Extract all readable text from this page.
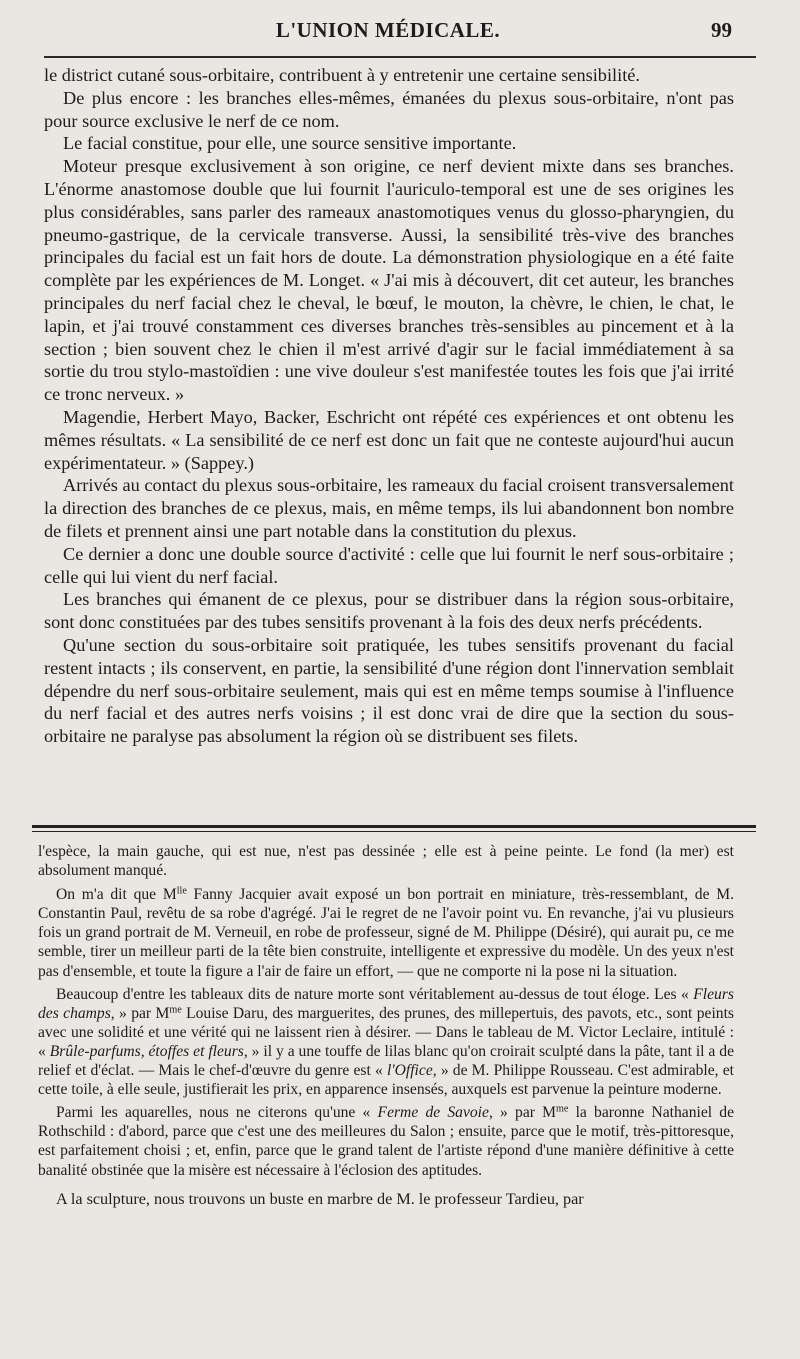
L'UNION MÉDICALE.	99

le district cutané sous-orbitaire, contribuent à y entretenir une certaine sensibilité.

De plus encore : les branches elles-mêmes, émanées du plexus sous-orbitaire, n'ont pas pour source exclusive le nerf de ce nom.

Le facial constitue, pour elle, une source sensitive importante.

Moteur presque exclusivement à son origine, ce nerf devient mixte dans ses branches. L'énorme anastomose double que lui fournit l'auriculo-temporal est une de ses origines les plus considérables, sans parler des rameaux anastomotiques venus du glosso-pharyngien, du pneumo-gastrique, de la cervicale transverse. Aussi, la sensibilité très-vive des branches principales du facial est un fait hors de doute. La démonstration physiologique en a été faite complète par les expériences de M. Longet. « J'ai mis à découvert, dit cet auteur, les branches principales du nerf facial chez le cheval, le bœuf, le mouton, la chèvre, le chien, le chat, le lapin, et j'ai trouvé constamment ces diverses branches très-sensibles au pincement et à la section ; bien souvent chez le chien il m'est arrivé d'agir sur le facial immédiatement à sa sortie du trou stylo-mastoïdien : une vive douleur s'est manifestée toutes les fois que j'ai irrité ce tronc nerveux. »

Magendie, Herbert Mayo, Backer, Eschricht ont répété ces expériences et ont obtenu les mêmes résultats. « La sensibilité de ce nerf est donc un fait que ne conteste aujourd'hui aucun expérimentateur. » (Sappey.)

Arrivés au contact du plexus sous-orbitaire, les rameaux du facial croisent transversalement la direction des branches de ce plexus, mais, en même temps, ils lui abandonnent bon nombre de filets et prennent ainsi une part notable dans la constitution du plexus.

Ce dernier a donc une double source d'activité : celle que lui fournit le nerf sous-orbitaire ; celle qui lui vient du nerf facial.

Les branches qui émanent de ce plexus, pour se distribuer dans la région sous-orbitaire, sont donc constituées par des tubes sensitifs provenant à la fois des deux nerfs précédents.

Qu'une section du sous-orbitaire soit pratiquée, les tubes sensitifs provenant du facial restent intacts ; ils conservent, en partie, la sensibilité d'une région dont l'innervation semblait dépendre du nerf sous-orbitaire seulement, mais qui est en même temps soumise à l'influence du nerf facial et des autres nerfs voisins ; il est donc vrai de dire que la section du sous-orbitaire ne paralyse pas absolument la région où se distribuent ses filets.

l'espèce, la main gauche, qui est nue, n'est pas dessinée ; elle est à peine peinte. Le fond (la mer) est absolument manqué.

On m'a dit que $M^{lle}$ Fanny Jacquier avait exposé un bon portrait en miniature, très-ressemblant, de M. Constantin Paul, revêtu de sa robe d'agrégé. J'ai le regret de ne l'avoir point vu. En revanche, j'ai vu plusieurs fois un grand portrait de M. Verneuil, en robe de professeur, signé de M. Philippe (Désiré), qui aurait pu, ce me semble, tirer un meilleur parti de la tête bien construite, intelligente et expressive du modèle. Un des yeux n'est pas d'ensemble, et toute la figure a l'air de faire un effort, — que ne comporte ni la pose ni la situation.

Beaucoup d'entre les tableaux dits de nature morte sont véritablement au-dessus de tout éloge. Les « Fleurs des champs, » par $M^{me}$ Louise Daru, des marguerites, des prunes, des millepertuis, des pavots, etc., sont peints avec une solidité et une vérité qui ne laissent rien à désirer. — Dans le tableau de M. Victor Leclaire, intitulé : « Brûle-parfums, étoffes et fleurs, » il y a une touffe de lilas blanc qu'on croirait sculpté dans la pâte, tant il a de relief et d'éclat. — Mais le chef-d'œuvre du genre est « l'Office, » de M. Philippe Rousseau. C'est admirable, et cette toile, à elle seule, justifierait les prix, en apparence insensés, auxquels est parvenue la peinture moderne.

Parmi les aquarelles, nous ne citerons qu'une « Ferme de Savoie, » par $M^{me}$ la baronne Nathaniel de Rothschild : d'abord, parce que c'est une des meilleures du Salon ; ensuite, parce que le motif, très-pittoresque, est parfaitement choisi ; et, enfin, parce que le grand talent de l'artiste répond d'une manière définitive à cette banalité obstinée que la misère est nécessaire à l'éclosion des aptitudes.

A la sculpture, nous trouvons un buste en marbre de M. le professeur Tardieu, par
